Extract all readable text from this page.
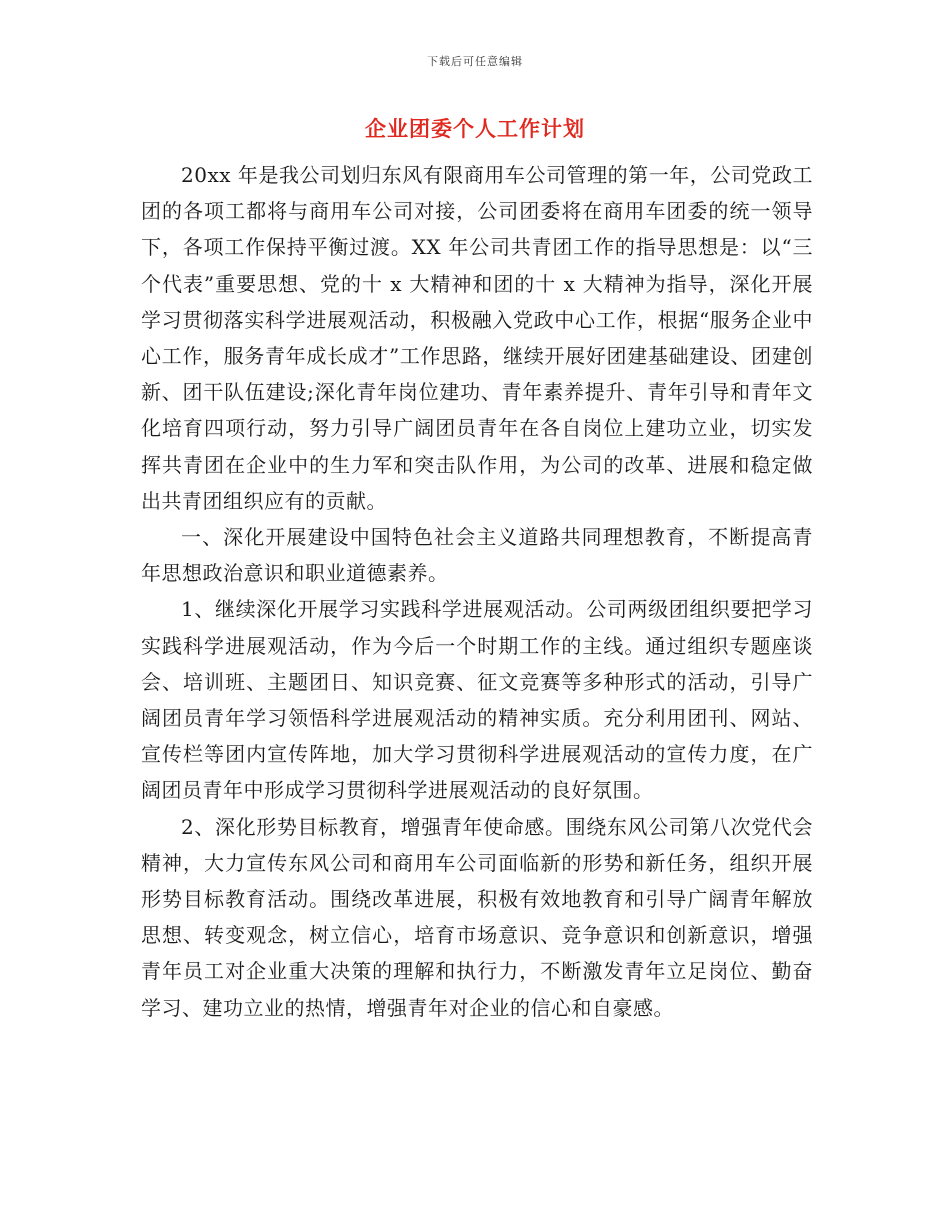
下载后可任意编辑
企业团委个人工作计划

20xx 年是我公司划归东风有限商用车公司管理的第一年，公司党政工团的各项工都将与商用车公司对接，公司团委将在商用车团委的统一领导下，各项工作保持平衡过渡。XX 年公司共青团工作的指导思想是：以“三个代表”重要思想、党的十 x 大精神和团的十 x 大精神为指导，深化开展学习贯彻落实科学进展观活动，积极融入党政中心工作，根据“服务企业中心工作，服务青年成长成才”工作思路，继续开展好团建基础建设、团建创新、团干队伍建设;深化青年岗位建功、青年素养提升、青年引导和青年文化培育四项行动，努力引导广阔团员青年在各自岗位上建功立业，切实发挥共青团在企业中的生力军和突击队作用，为公司的改革、进展和稳定做出共青团组织应有的贡献。

一、深化开展建设中国特色社会主义道路共同理想教育，不断提高青年思想政治意识和职业道德素养。

1、继续深化开展学习实践科学进展观活动。公司两级团组织要把学习实践科学进展观活动，作为今后一个时期工作的主线。通过组织专题座谈会、培训班、主题团日、知识竞赛、征文竞赛等多种形式的活动，引导广阔团员青年学习领悟科学进展观活动的精神实质。充分利用团刊、网站、宣传栏等团内宣传阵地，加大学习贯彻科学进展观活动的宣传力度，在广阔团员青年中形成学习贯彻科学进展观活动的良好氛围。

2、深化形势目标教育，增强青年使命感。围绕东风公司第八次党代会精神，大力宣传东风公司和商用车公司面临新的形势和新任务，组织开展形势目标教育活动。围绕改革进展，积极有效地教育和引导广阔青年解放思想、转变观念，树立信心，培育市场意识、竞争意识和创新意识，增强青年员工对企业重大决策的理解和执行力，不断激发青年立足岗位、勤奋学习、建功立业的热情，增强青年对企业的信心和自豪感。
